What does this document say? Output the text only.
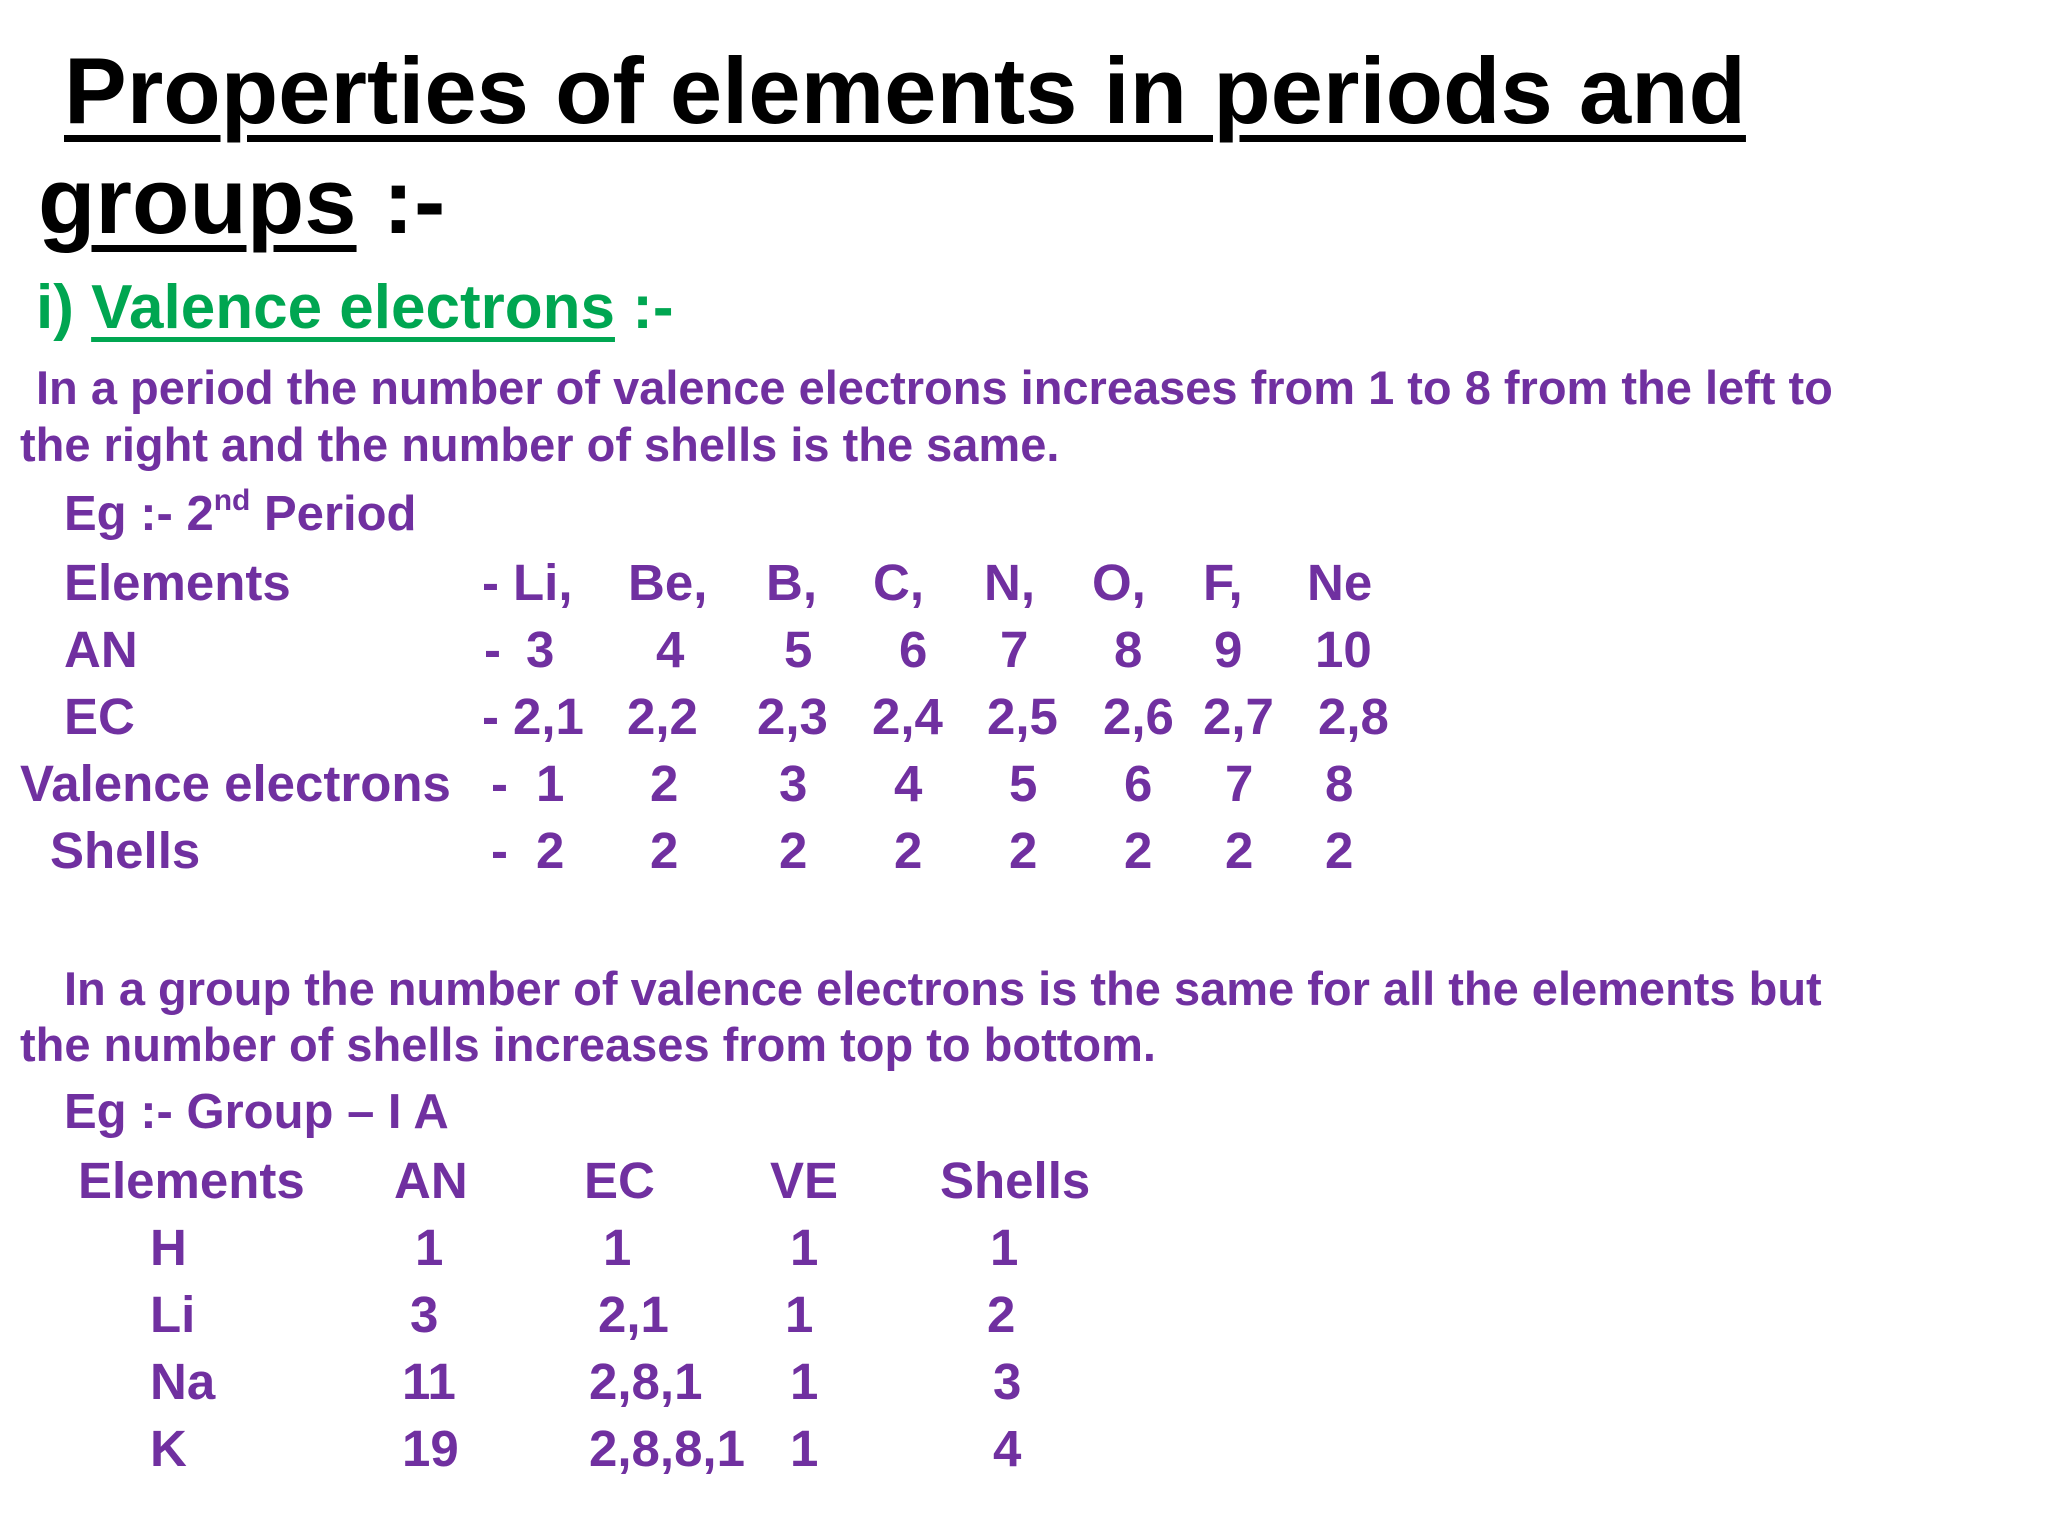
Properties of elements in periods and
groups :-
i) Valence electrons :-
In a period the number of valence electrons increases from 1 to 8 from the left to
the right and the number of shells is the same.
Eg :- 2nd Period
Elements	- Li, Be, B, C, N, O, F, Ne
AN	- 3 4 5 6 7 8 9 10
EC	- 2,1 2,2 2,3 2,4 2,5 2,6 2,7 2,8
Valence electrons - 1 2 3 4 5 6 7 8
Shells	- 2 2 2 2 2 2 2 2
In a group the number of valence electrons is the same for all the elements but
the number of shells increases from top to bottom.
Eg :- Group – I A
Elements AN EC VE Shells
H	1	1	1	1
Li	3	2,1 1	2
Na	11	2,8,1 1	3
K	19	2,8,8,1 1	4
